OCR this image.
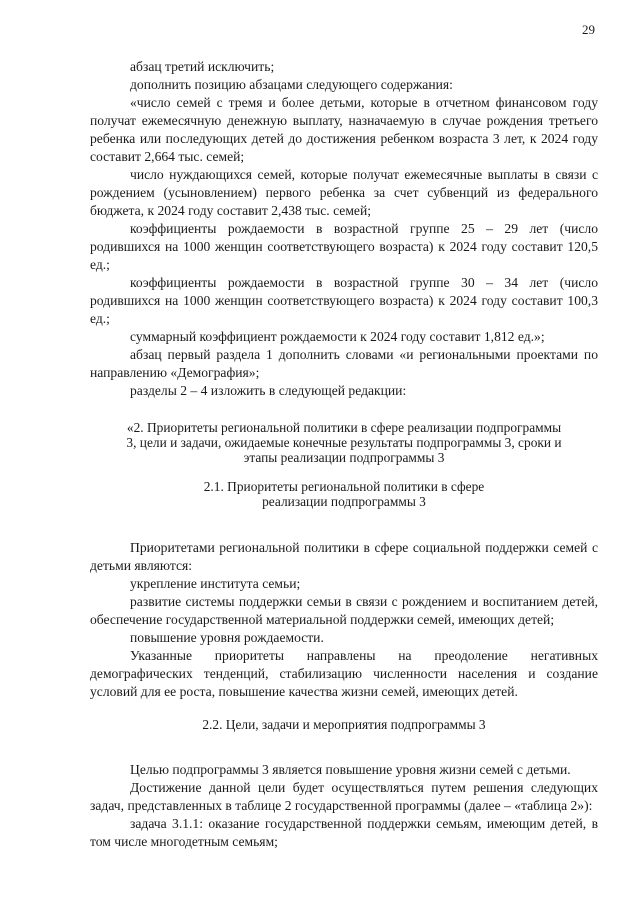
29

абзац третий исключить;

дополнить позицию абзацами следующего содержания:

«число семей с тремя и более детьми, которые в отчетном финансовом году получат ежемесячную денежную выплату, назначаемую в случае рождения третьего ребенка или последующих детей до достижения ребенком возраста 3 лет, к 2024 году составит 2,664 тыс. семей;

число нуждающихся семей, которые получат ежемесячные выплаты в связи с рождением (усыновлением) первого ребенка за счет субвенций из федерального бюджета, к 2024 году составит 2,438 тыс. семей;

коэффициенты рождаемости в возрастной группе 25 – 29 лет (число родившихся на 1000 женщин соответствующего возраста) к 2024 году составит 120,5 ед.;

коэффициенты рождаемости в возрастной группе 30 – 34 лет (число родившихся на 1000 женщин соответствующего возраста) к 2024 году составит 100,3 ед.;

суммарный коэффициент рождаемости к 2024 году составит 1,812 ед.»;

абзац первый раздела 1 дополнить словами «и региональными проектами по направлению «Демография»;

разделы 2 – 4 изложить в следующей редакции:

«2. Приоритеты региональной политики в сфере реализации подпрограммы 3, цели и задачи, ожидаемые конечные результаты подпрограммы 3, сроки и этапы реализации подпрограммы 3

2.1. Приоритеты региональной политики в сфере реализации подпрограммы 3

Приоритетами региональной политики в сфере социальной поддержки семей с детьми являются:

укрепление института семьи;

развитие системы поддержки семьи в связи с рождением и воспитанием детей, обеспечение государственной материальной поддержки семей, имеющих детей;

повышение уровня рождаемости.

Указанные приоритеты направлены на преодоление негативных демографических тенденций, стабилизацию численности населения и создание условий для ее роста, повышение качества жизни семей, имеющих детей.

2.2. Цели, задачи и мероприятия подпрограммы 3

Целью подпрограммы 3 является повышение уровня жизни семей с детьми.

Достижение данной цели будет осуществляться путем решения следующих задач, представленных в таблице 2 государственной программы (далее – «таблица 2»):

задача 3.1.1: оказание государственной поддержки семьям, имеющим детей, в том числе многодетным семьям;
